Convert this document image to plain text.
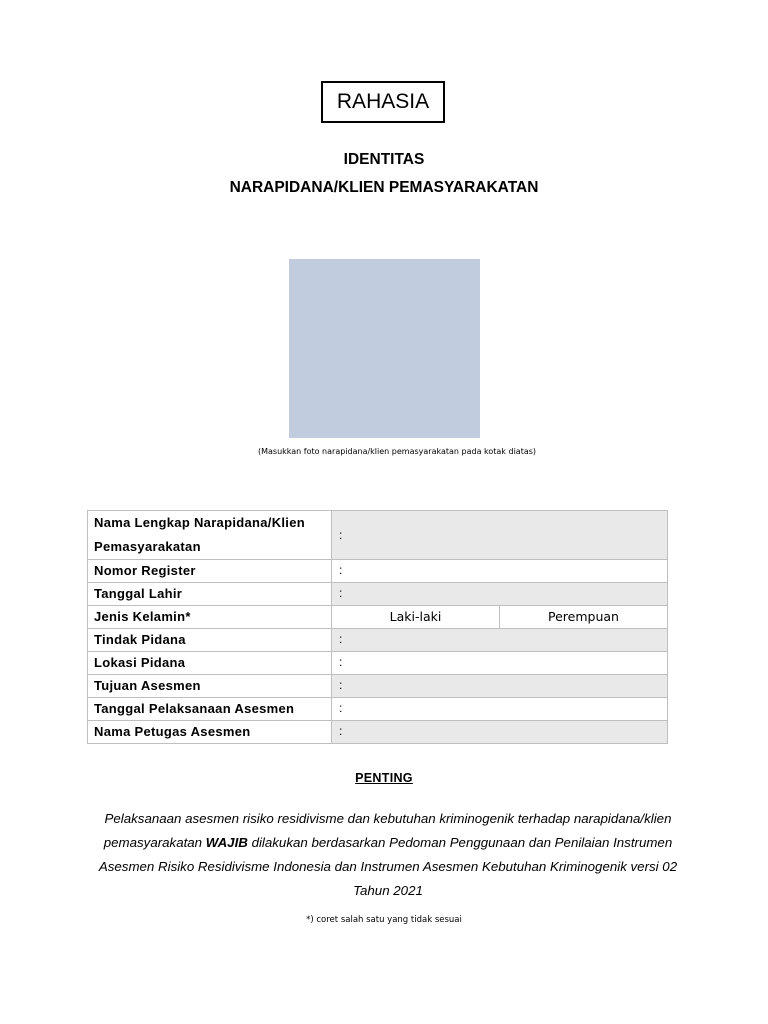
RAHASIA
IDENTITAS
NARAPIDANA/KLIEN PEMASYARAKATAN
(Masukkan foto narapidana/klien pemasyarakatan pada kotak diatas)
Nama Lengkap Narapidana/Klien
Pemasyarakatan	:
Nomor Register	:
Tanggal Lahir	:
Jenis Kelamin*	Laki-laki Perempuan

Tindak Pidana	:
Lokasi Pidana	:
Tujuan Asesmen	:
Tanggal Pelaksanaan Asesmen	:
Nama Petugas Asesmen	:
PENTING
Pelaksanaan asesmen risiko residivisme dan kebutuhan kriminogenik terhadap narapidana/klien pemasyarakatan WAJIB dilakukan berdasarkan Pedoman Penggunaan dan Penilaian Instrumen Asesmen Risiko Residivisme Indonesia dan Instrumen Asesmen Kebutuhan Kriminogenik versi 02 Tahun 2021
*) coret salah satu yang tidak sesuai
